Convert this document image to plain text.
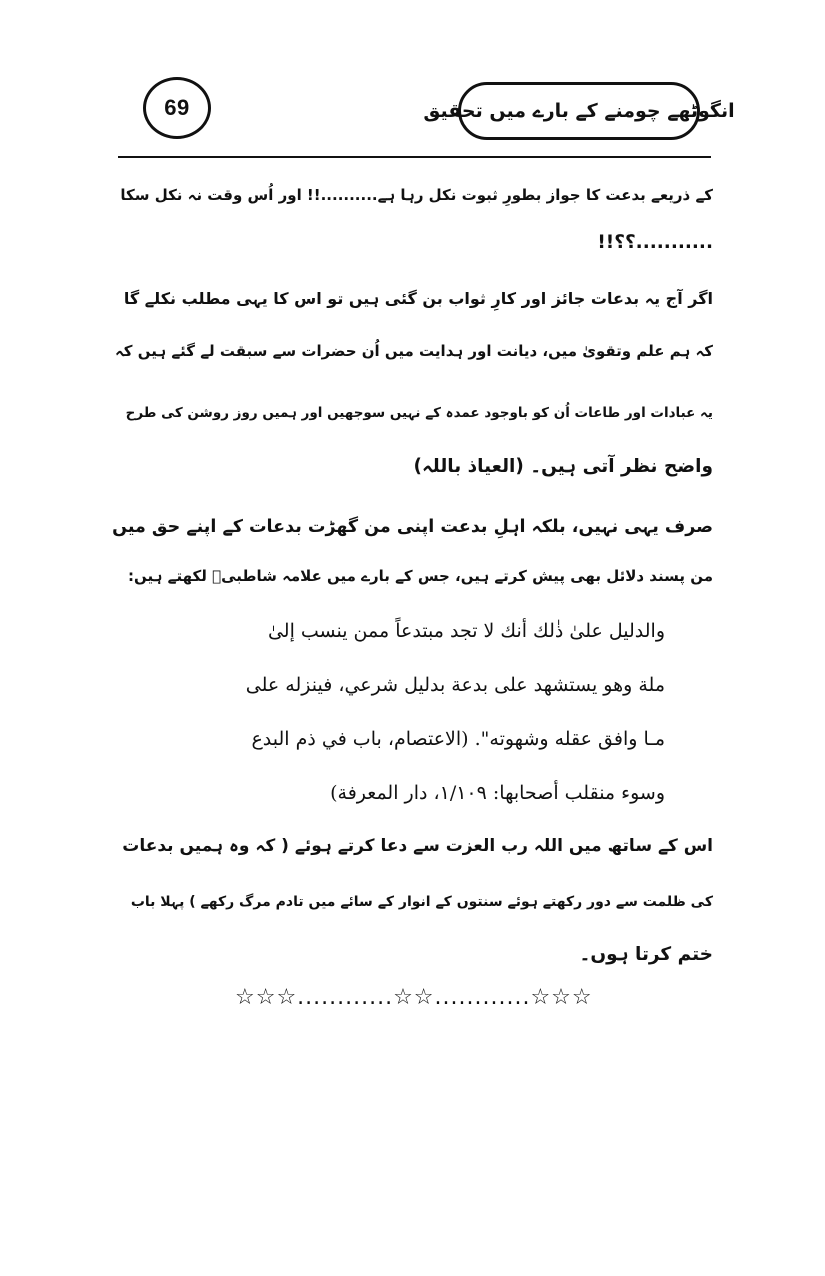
69	انگوٹھے چومنے کے بارے میں تحقیق
کے ذریعے بدعت کا جواز بطورِ ثبوت نکل رہا ہے..........!! اور اُس وقت نہ نکل سکا
...........؟؟!!
اگر آج یہ بدعات جائز اور کارِ ثواب بن گئی ہیں تو اس کا یہی مطلب نکلے گا
کہ ہم علم وتقویٰ میں، دیانت اور ہدایت میں اُن حضرات سے سبقت لے گئے ہیں کہ
یہ عبادات اور طاعات اُن کو باوجود عمدہ کے نہیں سوجھیں اور ہمیں روز روشن کی طرح
واضح نظر آتی ہیں۔ (العیاذ باللہ)
صرف یہی نہیں، بلکہ اہلِ بدعت اپنی من گھڑت بدعات کے اپنے حق میں
من پسند دلائل بھی پیش کرتے ہیں، جس کے بارے میں علامہ شاطبیؒ لکھتے ہیں:
والدليل علىٰ ذٰلك أنك لا تجد مبتدعاً ممن ينسب إلىٰ
ملة وهو يستشهد على بدعة بدليل شرعي، فينزله على
مـا وافق عقله وشهوته". (الاعتصام، باب في ذم البدع
وسوء منقلب أصحابها: ١/١٠٩، دار المعرفة)
اس کے ساتھ میں اللہ رب العزت سے دعا کرتے ہوئے ( کہ وہ ہمیں بدعات
کی ظلمت سے دور رکھتے ہوئے سنتوں کے انوار کے سائے میں تادم مرگ رکھے ) پہلا باب
ختم کرتا ہوں۔
☆☆☆............☆☆............☆☆☆
